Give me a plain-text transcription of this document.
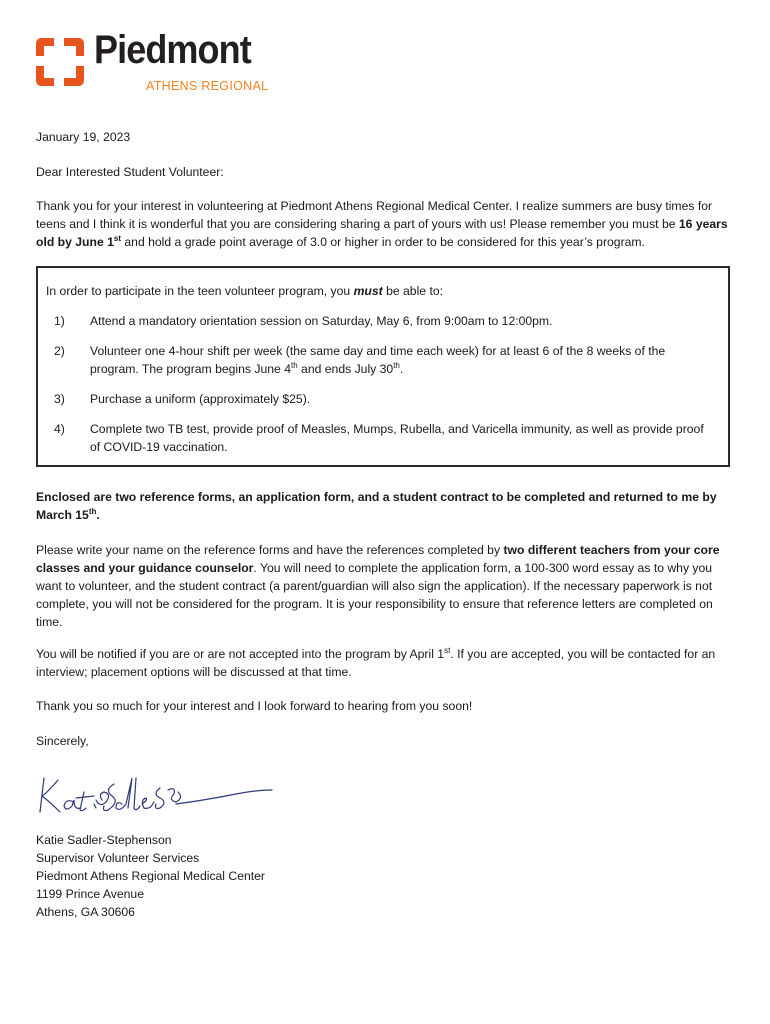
Piedmont
ATHENS REGIONAL

January 19, 2023

Dear Interested Student Volunteer:

Thank you for your interest in volunteering at Piedmont Athens Regional Medical Center. I realize summers are busy times for teens and I think it is wonderful that you are considering sharing a part of yours with us! Please remember you must be 16 years old by June 1st and hold a grade point average of 3.0 or higher in order to be considered for this year’s program.

In order to participate in the teen volunteer program, you must be able to:

1) Attend a mandatory orientation session on Saturday, May 6, from 9:00am to 12:00pm.
2) Volunteer one 4-hour shift per week (the same day and time each week) for at least 6 of the 8 weeks of the program. The program begins June 4th and ends July 30th.
3) Purchase a uniform (approximately $25).
4) Complete two TB test, provide proof of Measles, Mumps, Rubella, and Varicella immunity, as well as provide proof of COVID-19 vaccination.

Enclosed are two reference forms, an application form, and a student contract to be completed and returned to me by March 15th.

Please write your name on the reference forms and have the references completed by two different teachers from your core classes and your guidance counselor. You will need to complete the application form, a 100-300 word essay as to why you want to volunteer, and the student contract (a parent/guardian will also sign the application). If the necessary paperwork is not complete, you will not be considered for the program. It is your responsibility to ensure that reference letters are completed on time.

You will be notified if you are or are not accepted into the program by April 1st. If you are accepted, you will be contacted for an interview; placement options will be discussed at that time.

Thank you so much for your interest and I look forward to hearing from you soon!

Sincerely,

Katie Sadler-Stephenson

Supervisor Volunteer Services

Piedmont Athens Regional Medical Center

1199 Prince Avenue

Athens, GA 30606
